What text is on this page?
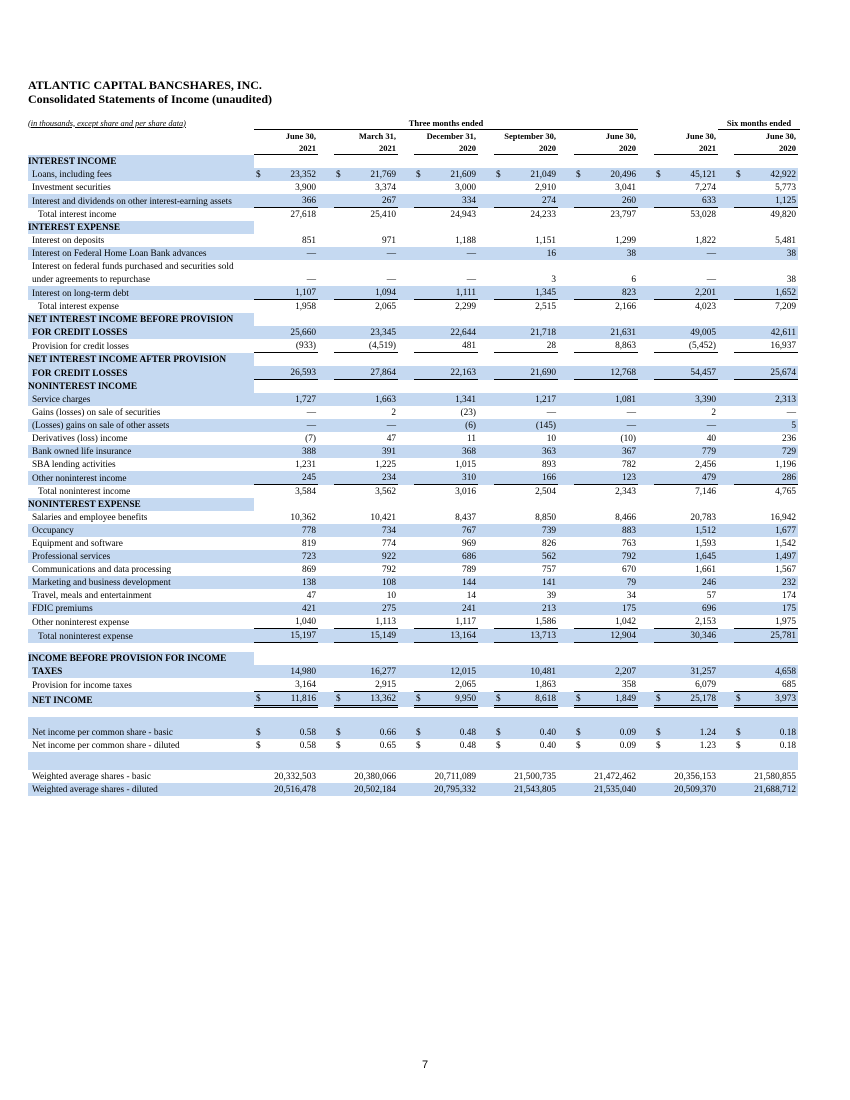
ATLANTIC CAPITAL BANCSHARES, INC.
Consolidated Statements of Income (unaudited)
(in thousands, except share and per share data)	Three months ended																	Six months ended		
	June 30,			March 31,			December 31,			September 30,			June 30,			June 30,			June 30,	
	2021			2021			2020			2020			2020			2021			2020	
INTEREST INCOME																				
Loans, including fees	$	23,352		$	21,769		$	21,609		$	21,049		$	20,496		$	45,121		$	42,922
Investment securities		3,900			3,374			3,000			2,910			3,041			7,274			5,773
Interest and dividends on other interest-earning assets		366			267			334			274			260			633			1,125
Total interest income		27,618			25,410			24,943			24,233			23,797			53,028			49,820
INTEREST EXPENSE																				
Interest on deposits		851			971			1,188			1,151			1,299			1,822			5,481
Interest on Federal Home Loan Bank advances		—			—			—			16			38			—			38
Interest on federal funds purchased and securities sold																				
under agreements to repurchase		—			—			—			3			6			—			38
Interest on long-term debt		1,107			1,094			1,111			1,345			823			2,201			1,652
Total interest expense		1,958			2,065			2,299			2,515			2,166			4,023			7,209
NET INTEREST INCOME BEFORE PROVISION																				
FOR CREDIT LOSSES		25,660			23,345			22,644			21,718			21,631			49,005			42,611
Provision for credit losses		(933)			(4,519)			481			28			8,863			(5,452)			16,937
NET INTEREST INCOME AFTER PROVISION																				
FOR CREDIT LOSSES		26,593			27,864			22,163			21,690			12,768			54,457			25,674
NONINTEREST INCOME																				
Service charges		1,727			1,663			1,341			1,217			1,081			3,390			2,313
Gains (losses) on sale of securities		—			2			(23)			—			—			2			—
(Losses) gains on sale of other assets		—			—			(6)			(145)			—			—			5
Derivatives (loss) income		(7)			47			11			10			(10)			40			236
Bank owned life insurance		388			391			368			363			367			779			729
SBA lending activities		1,231			1,225			1,015			893			782			2,456			1,196
Other noninterest income		245			234			310			166			123			479			286
Total noninterest income		3,584			3,562			3,016			2,504			2,343			7,146			4,765
NONINTEREST EXPENSE																				
Salaries and employee benefits		10,362			10,421			8,437			8,850			8,466			20,783			16,942
Occupancy		778			734			767			739			883			1,512			1,677
Equipment and software		819			774			969			826			763			1,593			1,542
Professional services		723			922			686			562			792			1,645			1,497
Communications and data processing		869			792			789			757			670			1,661			1,567
Marketing and business development		138			108			144			141			79			246			232
Travel, meals and entertainment		47			10			14			39			34			57			174
FDIC premiums		421			275			241			213			175			696			175
Other noninterest expense		1,040			1,113			1,117			1,586			1,042			2,153			1,975
Total noninterest expense		15,197			15,149			13,164			13,713			12,904			30,346			25,781

INCOME BEFORE PROVISION FOR INCOME																				
TAXES		14,980			16,277			12,015			10,481			2,207			31,257			4,658
Provision for income taxes		3,164			2,915			2,065			1,863			358			6,079			685
NET INCOME	$	11,816		$	13,362		$	9,950		$	8,618		$	1,849		$	25,178		$	3,973

Net income per common share - basic	$	0.58		$	0.66		$	0.48		$	0.40		$	0.09		$	1.24		$	0.18
Net income per common share - diluted	$	0.58		$	0.65		$	0.48		$	0.40		$	0.09		$	1.23		$	0.18

Weighted average shares - basic		20,332,503			20,380,066			20,711,089			21,500,735			21,472,462			20,356,153			21,580,855
Weighted average shares - diluted		20,516,478			20,502,184			20,795,332			21,543,805			21,535,040			20,509,370			21,688,712
7
